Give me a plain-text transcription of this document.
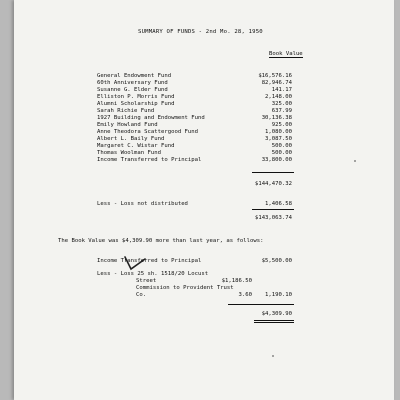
SUMMARY OF FUNDS - 2nd Mo. 28, 1950
Book Value
General Endowment Fund	$16,576.16
60th Anniversary Fund	82,946.74
Susanne G. Elder Fund	141.17
Elliston P. Morris Fund	2,148.00
Alumni Scholarship Fund	325.00
Sarah Richie Fund	637.99
1927 Building and Endowment Fund	30,136.38
Emily Howland Fund	925.00
Anne Theodora Scattergood Fund	1,080.00
Albert L. Baily Fund	3,087.50
Margaret C. Wistar Fund	500.00
Thomas Woolman Fund	500.00
Income Transferred to Principal	33,800.00
$144,470.32
Less - Loss not distributed	1,406.58
$143,063.74
The Book Value was $4,309.90 more than last year, as follows:
Income Transferred to Principal	$5,500.00
Less - Loss 25 sh. 1518/20 Locust
Street	$1,186.50
Commission to Provident Trust
Co.	3.60	1,190.10
$4,309.90
